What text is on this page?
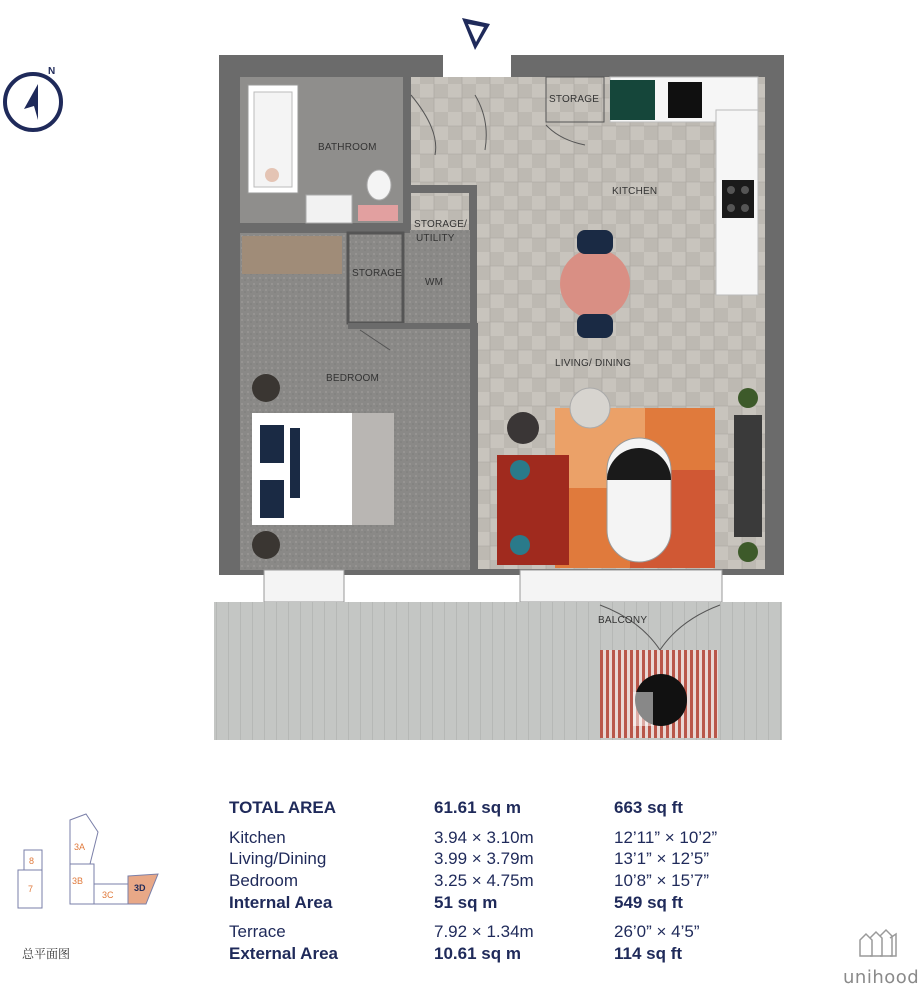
BATHROOM
STORAGE
KITCHEN
STORAGE/
UTILITY
STORAGE
WM
BEDROOM
LIVING/ DINING
BALCONY
N
TOTAL AREA	61.61 sq m	663 sq ft
Kitchen	3.94 × 3.10m	12’11” × 10’2”
Living/Dining	3.99 × 3.79m	13’1” × 12’5”
Bedroom	3.25 × 4.75m	10’8” × 15’7”
Internal Area	51 sq m	549 sq ft
Terrace	7.92 × 1.34m	26’0” × 4’5”
External Area	10.61 sq m	114 sq ft
8
7
3A
3B
3C
3D
总平面图
unihood
